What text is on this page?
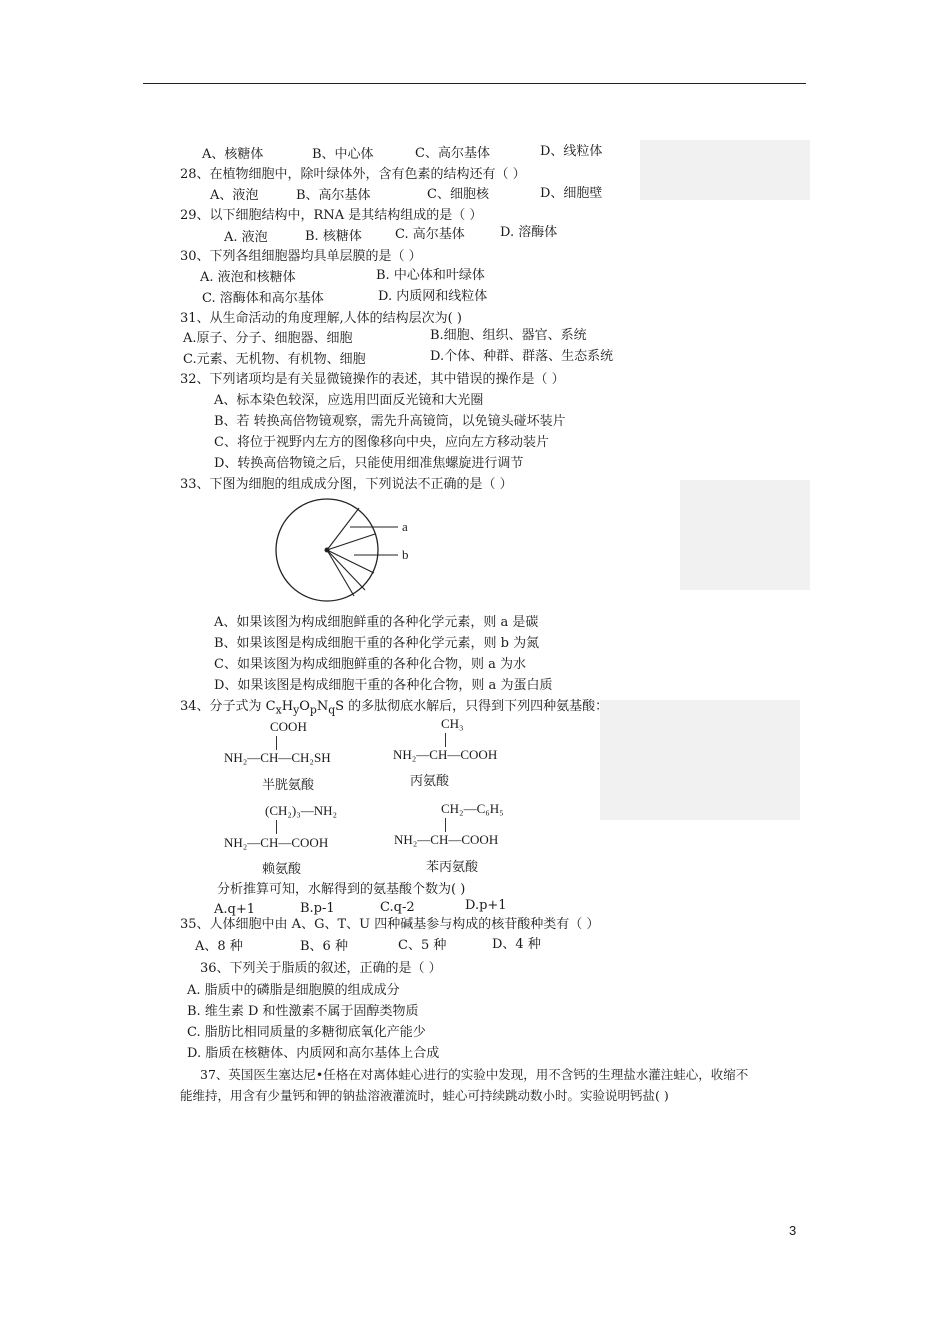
A、核糖体	B、中心体	C、高尔基体	D、线粒体
28、在植物细胞中，除叶绿体外，含有色素的结构还有（ ）
A、液泡	B、高尔基体	C、细胞核	D、细胞壁
29、以下细胞结构中，RNA 是其结构组成的是（ ）
A. 液泡	B. 核糖体	C. 高尔基体	D. 溶酶体
30、下列各组细胞器均具单层膜的是（ ）
A. 液泡和核糖体	B. 中心体和叶绿体
C. 溶酶体和高尔基体	D. 内质网和线粒体
31、从生命活动的角度理解,人体的结构层次为( )
A.原子、分子、细胞器、细胞	B.细胞、组织、器官、系统
C.元素、无机物、有机物、细胞	D.个体、种群、群落、生态系统
32、下列诸项均是有关显微镜操作的表述，其中错误的操作是（ ）
A、标本染色较深，应选用凹面反光镜和大光圈
B、若 转换高倍物镜观察，需先升高镜筒，以免镜头碰坏装片
C、将位于视野内左方的图像移向中央，应向左方移动装片
D、转换高倍物镜之后，只能使用细准焦螺旋进行调节
33、下图为细胞的组成成分图，下列说法不正确的是（ ）
a
b
A、如果该图为构成细胞鲜重的各种化学元素，则 a 是碳
B、如果该图是构成细胞干重的各种化学元素，则 b 为氮
C、如果该图为构成细胞鲜重的各种化合物，则 a 为水
D、如果该图是构成细胞干重的各种化合物，则 a 为蛋白质
34、分子式为 $C_xH_yO_pN_qS$ 的多肽彻底水解后，只得到下列四种氨基酸：
COOH
NH₂—CH—CH₂SH
半胱氨酸
CH₃
NH₂—CH—COOH
丙氨酸
(CH₂)₃—NH₂
NH₂—CH—COOH
赖氨酸
CH₂—C₆H₅
NH₂—CH—COOH
苯丙氨酸
分析推算可知，水解得到的氨基酸个数为( )
A.q+1	B.p-1	C.q-2	D.p+1
35、人体细胞中由 A、G、T、U 四种碱基参与构成的核苷酸种类有（ ）
A、8 种	B、6 种	C、5 种	D、4 种
36、下列关于脂质的叙述，正确的是（ ）
A. 脂质中的磷脂是细胞膜的组成成分
B. 维生素 D 和性激素不属于固醇类物质
C. 脂肪比相同质量的多糖彻底氧化产能少
D. 脂质在核糖体、内质网和高尔基体上合成
37、英国医生塞达尼•任格在对离体蛙心进行的实验中发现，用不含钙的生理盐水灌注蛙心，收缩不
能维持，用含有少量钙和钾的钠盐溶液灌流时，蛙心可持续跳动数小时。实验说明钙盐( )
3
